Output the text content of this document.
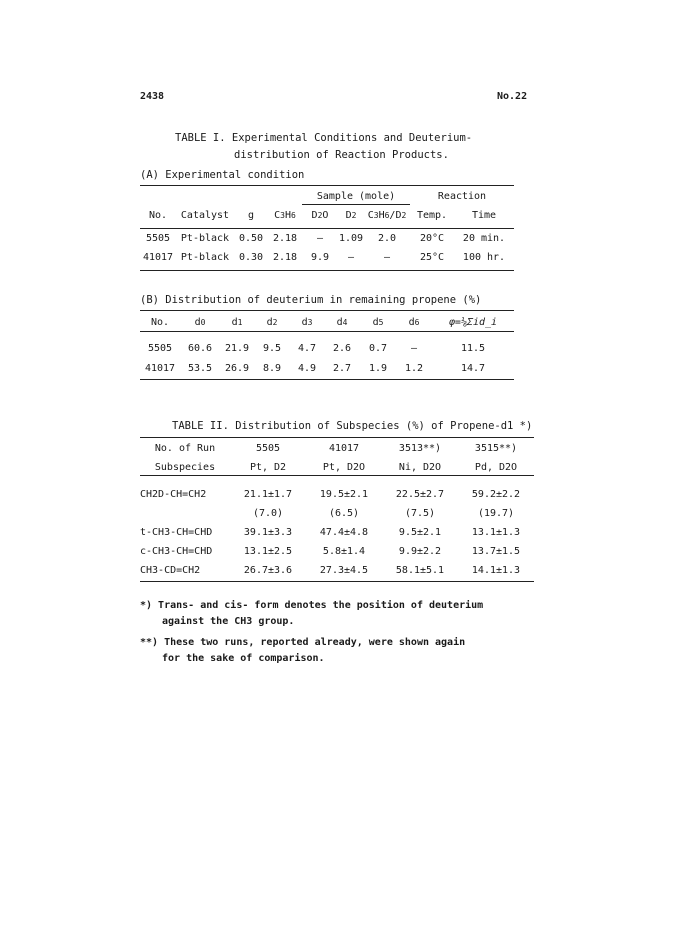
2438	No.22
TABLE I. Experimental Conditions and Deuterium-
distribution of Reaction Products.
(A) Experimental condition
				Sample (mole)			Reaction	
No.	Catalyst	g	C3H6	D2O	D2	C3H6/D2	Temp.	Time

5505	Pt-black	0.50	2.18	–	1.09	2.0	20°C	20 min.
41017	Pt-black	0.30	2.18	9.9	–	–	25°C	100 hr.
(B) Distribution of deuterium in remaining propene (%)
No.	d0	d1	d2	d3	d4	d5	d6	φ=⅙Σid_i

5505	60.6	21.9	9.5	4.7	2.6	0.7	–	11.5
41017	53.5	26.9	8.9	4.9	2.7	1.9	1.2	14.7
TABLE II. Distribution of Subspecies (%) of Propene-d1 *)
No. of Run	5505	41017	3513**)	3515**)
Subspecies	Pt, D2	Pt, D2O	Ni, D2O	Pd, D2O

CH2D-CH=CH2	21.1±1.7	19.5±2.1	22.5±2.7	59.2±2.2
	(7.0)	(6.5)	(7.5)	(19.7)
t-CH3-CH=CHD	39.1±3.3	47.4±4.8	9.5±2.1	13.1±1.3
c-CH3-CH=CHD	13.1±2.5	5.8±1.4	9.9±2.2	13.7±1.5
CH3-CD=CH2	26.7±3.6	27.3±4.5	58.1±5.1	14.1±1.3
*) Trans- and cis- form denotes the position of deuterium
against the CH3 group.
**) These two runs, reported already, were shown again
for the sake of comparison.
